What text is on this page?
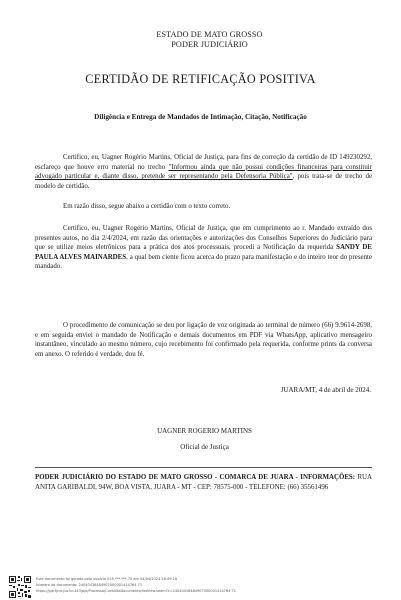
ESTADO DE MATO GROSSO
PODER JUDICIÁRIO
CERTIDÃO DE RETIFICAÇÃO POSITIVA
Diligência e Entrega de Mandados de Intimação, Citação, Notificação

Certifico, eu, Uagner Rogério Martins, Oficial de Justiça, para fins de correção da certidão de ID 149230292, esclareço que houve erro material no trecho "Informou ainda que não possui condições financeiras para constituir advogado particular e, diante disso, pretende ser representando pela Defensoria Pública", pois trata-se de trecho de modelo de certidão.

Em razão disso, segue abaixo a certidão com o texto correto.

Certifico, eu, Uagner Rogério Martins, Oficial de Justiça, que em cumprimento ao r. Mandado extraído dos presentes autos, no dia 2/4/2024, em razão das orientações e autorizações dos Conselhos Superiores do Judiciário para que se utilize meios eletrônicos para a prática dos atos processuais, procedi a Notificação da requerida SANDY DE PAULA ALVES MAINARDES, a qual bem ciente ficou acerca do prazo para manifestação e do inteiro teor do presente mandado.

O procedimento de comunicação se deu por ligação de voz originada ao terminal de número (66) 9.9614-2698, e em seguida enviei o mandado de Notificação e demais documentos em PDF via WhatsApp, aplicativo mensageiro instantâneo, vinculado ao mesmo número, cujo recebimento foi confirmado pela requerida, conforme prints da conversa em anexo. O referido é verdade, dou fé.

JUARA/MT, 4 de abril de 2024.
UAGNER ROGERIO MARTINS
Oficial de Justiça
PODER JUDICIÁRIO DO ESTADO DE MATO GROSSO - COMARCA DE JUARA - INFORMAÇÕES: RUA ANITA GARIBALDI, 94W, BOA VISTA, JUARA - MT - CEP: 78575-000 - TELEFONE: (66) 35561496
Este documento foi gerado pelo usuário 025.***.***-75 em 04/04/2024 16:49:16
Número do documento: 24040416484907000001414764 71
https://pje.tjmt.jus.br:443/pje/Processo/ConsultaDocumento/listView.seam?x=24040416484907000001414764 71
